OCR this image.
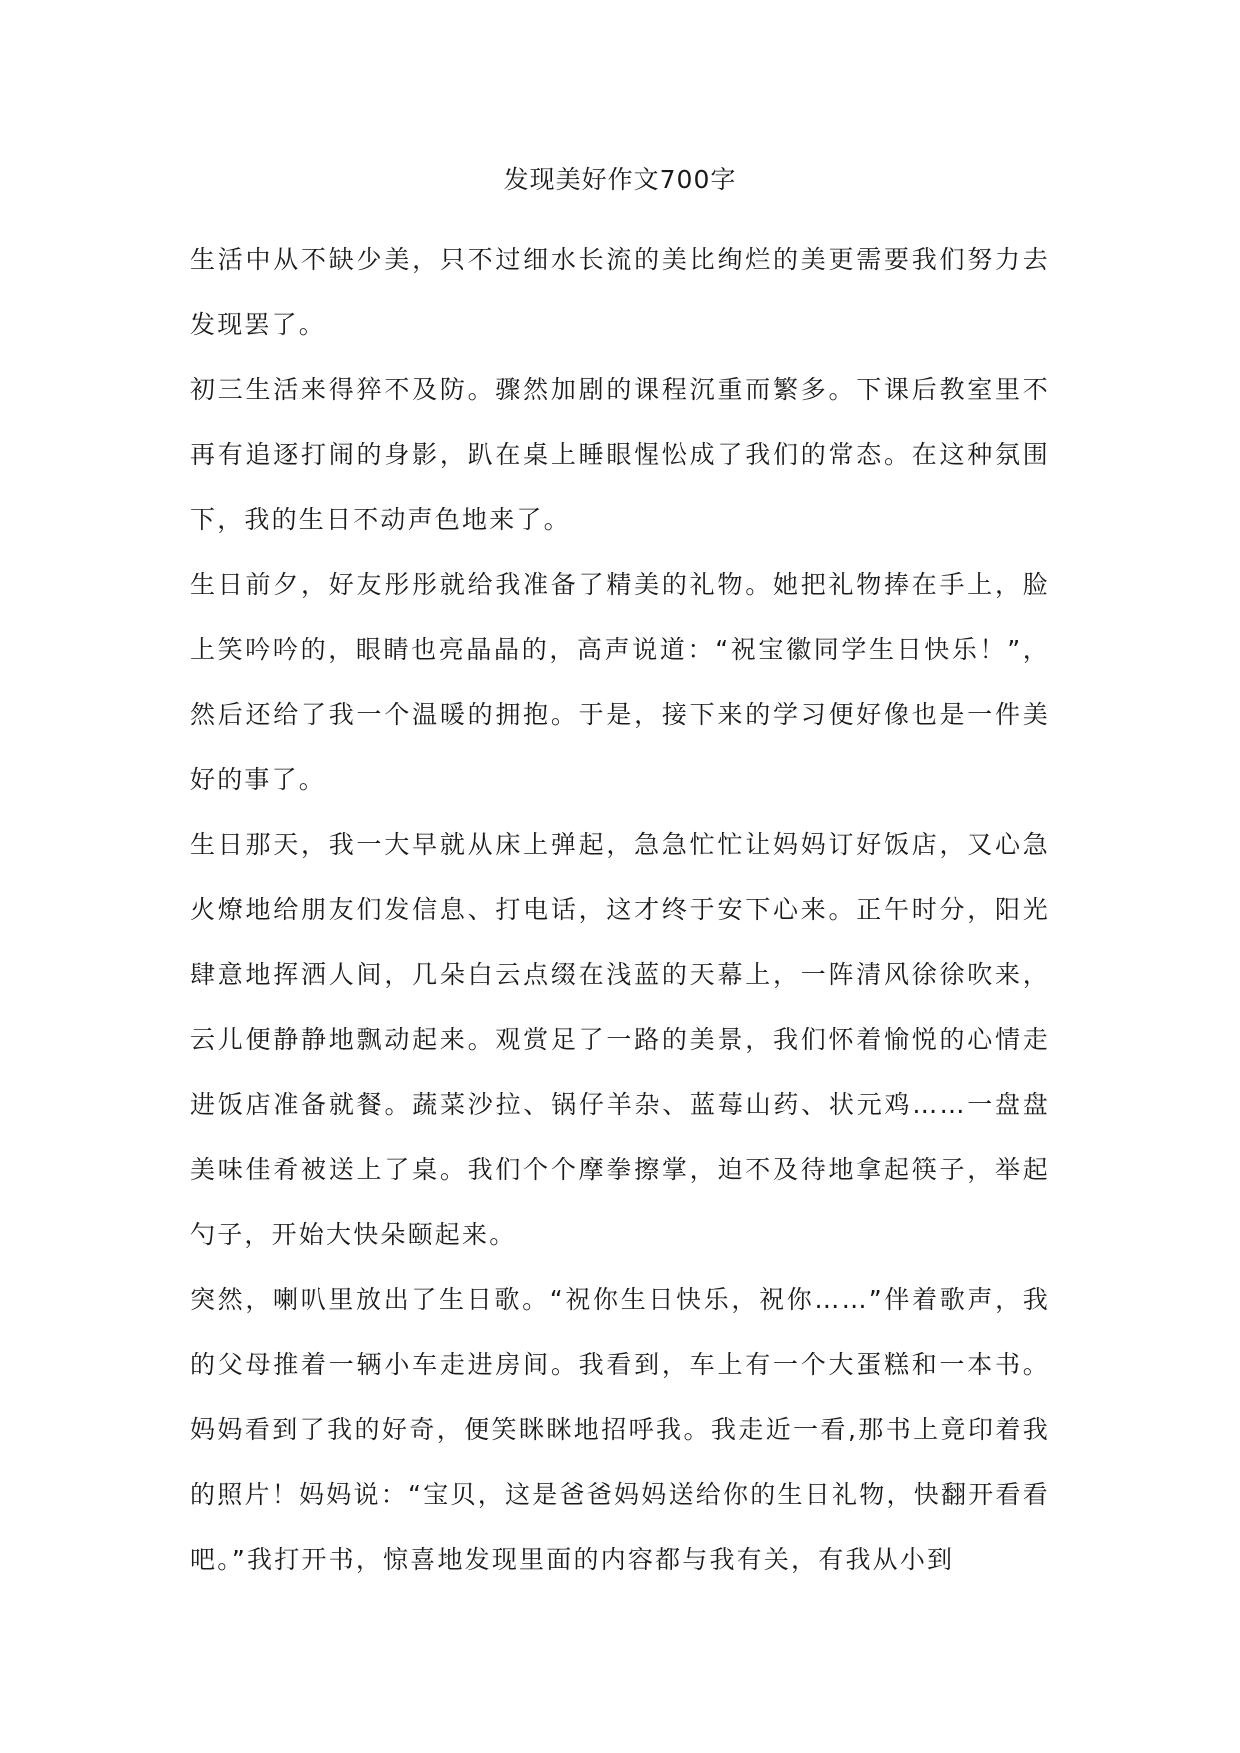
发现美好作文700字

生活中从不缺少美，只不过细水长流的美比绚烂的美更需要我们努力去发现罢了。

初三生活来得猝不及防。骤然加剧的课程沉重而繁多。下课后教室里不再有追逐打闹的身影，趴在桌上睡眼惺忪成了我们的常态。在这种氛围下，我的生日不动声色地来了。

生日前夕，好友彤彤就给我准备了精美的礼物。她把礼物捧在手上，脸上笑吟吟的，眼睛也亮晶晶的，高声说道：“祝宝徽同学生日快乐！”，然后还给了我一个温暖的拥抱。于是，接下来的学习便好像也是一件美好的事了。

生日那天，我一大早就从床上弹起，急急忙忙让妈妈订好饭店，又心急火燎地给朋友们发信息、打电话，这才终于安下心来。正午时分，阳光肆意地挥洒人间，几朵白云点缀在浅蓝的天幕上，一阵清风徐徐吹来，云儿便静静地飘动起来。观赏足了一路的美景，我们怀着愉悦的心情走进饭店准备就餐。蔬菜沙拉、锅仔羊杂、蓝莓山药、状元鸡……一盘盘美味佳肴被送上了桌。我们个个摩拳擦掌，迫不及待地拿起筷子，举起勺子，开始大快朵颐起来。

突然，喇叭里放出了生日歌。“祝你生日快乐，祝你……”伴着歌声，我的父母推着一辆小车走进房间。我看到，车上有一个大蛋糕和一本书。妈妈看到了我的好奇，便笑眯眯地招呼我。我走近一看,那书上竟印着我的照片！妈妈说：“宝贝，这是爸爸妈妈送给你的生日礼物，快翻开看看吧。”我打开书，惊喜地发现里面的内容都与我有关，有我从小到
